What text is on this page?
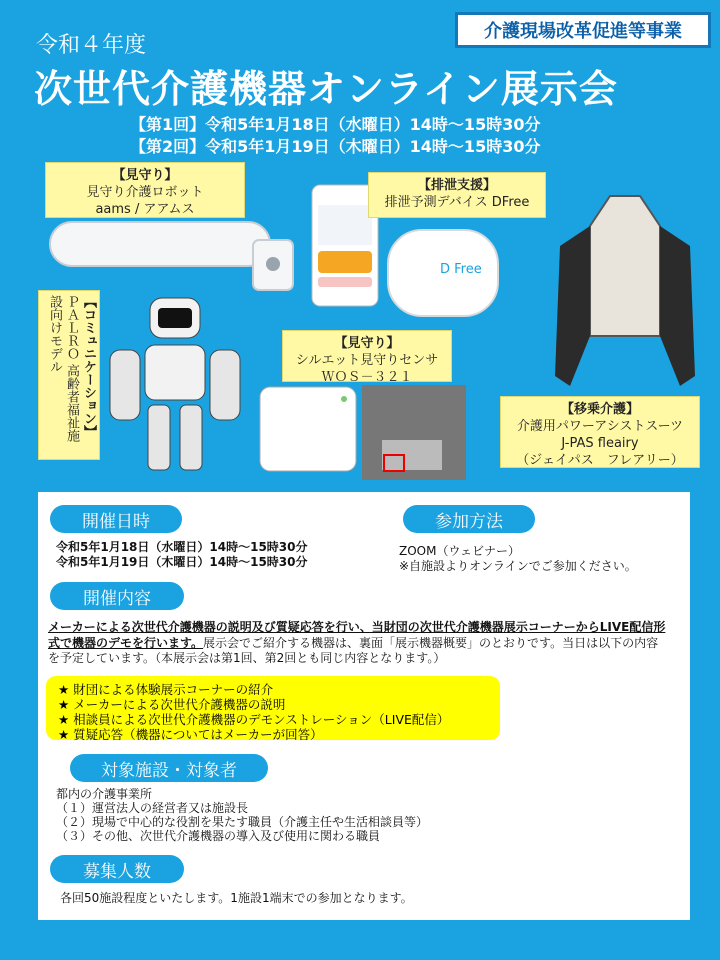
介護現場改革促進等事業
令和４年度
次世代介護機器オンライン展示会
【第1回】令和5年1月18日（水曜日）14時～15時30分
【第2回】令和5年1月19日（木曜日）14時～15時30分
D Free
【見守り】
見守り介護ロボット
aams / アアムス
【排泄支援】
排泄予測デバイス DFree
【コミュニケーション】
ＰＡＬＲＯ 高齢者福祉施設向けモデル	【見守り】
シルエット見守りセンサ
ＷＯＳ－３２１
【移乗介護】
介護用パワーアシストスーツ
J-PAS fleairy
（ジェイパス　フレアリー）
開催日時
令和5年1月18日（水曜日）14時～15時30分
令和5年1月19日（木曜日）14時～15時30分
参加方法
ZOOM（ウェビナー）
※自施設よりオンラインでご参加ください。
開催内容
メーカーによる次世代介護機器の説明及び質疑応答を行い、当財団の次世代介護機器展示コーナーからLIVE配信形式で機器のデモを行います。展示会でご紹介する機器は、裏面「展示機器概要」のとおりです。当日は以下の内容を予定しています。（本展示会は第1回、第2回とも同じ内容となります。）
★ 財団による体験展示コーナーの紹介
★ メーカーによる次世代介護機器の説明
★ 相談員による次世代介護機器のデモンストレーション（LIVE配信）
★ 質疑応答（機器についてはメーカーが回答）
対象施設・対象者
都内の介護事業所
（１）運営法人の経営者又は施設長
（２）現場で中心的な役割を果たす職員（介護主任や生活相談員等）
（３）その他、次世代介護機器の導入及び使用に関わる職員
募集人数
各回50施設程度といたします。1施設1端末での参加となります。
